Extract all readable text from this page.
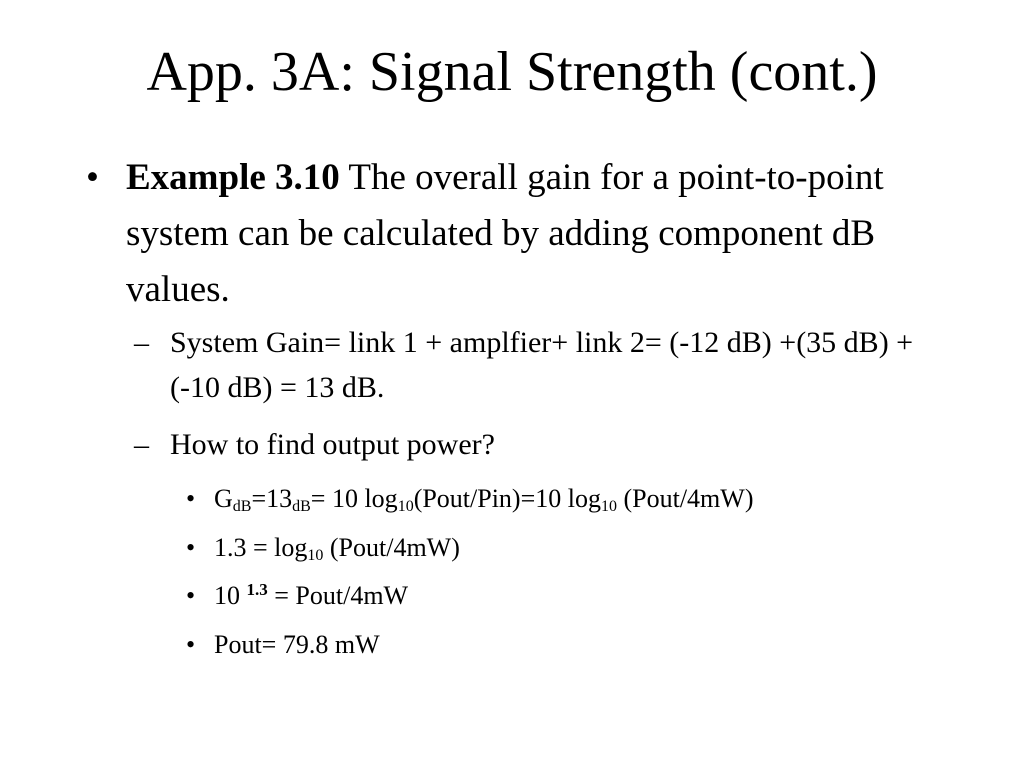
App. 3A: Signal Strength (cont.)
• Example 3.10 The overall gain for a point-to-point system can be calculated by adding component dB values.
– System Gain= link 1 + amplfier+ link 2= (-12 dB) +(35 dB) + (-10 dB) = 13 dB.
– How to find output power?
• $G_{dB}=13_{dB}= 10$ $\log_{10}(Pout/Pin)=10$ $\log_{10}$ (Pout/4mW)
• $1.3 = \log_{10}$ (Pout/4mW)
• 10 $^{1.3}$ = Pout/4mW
• Pout= 79.8 mW
